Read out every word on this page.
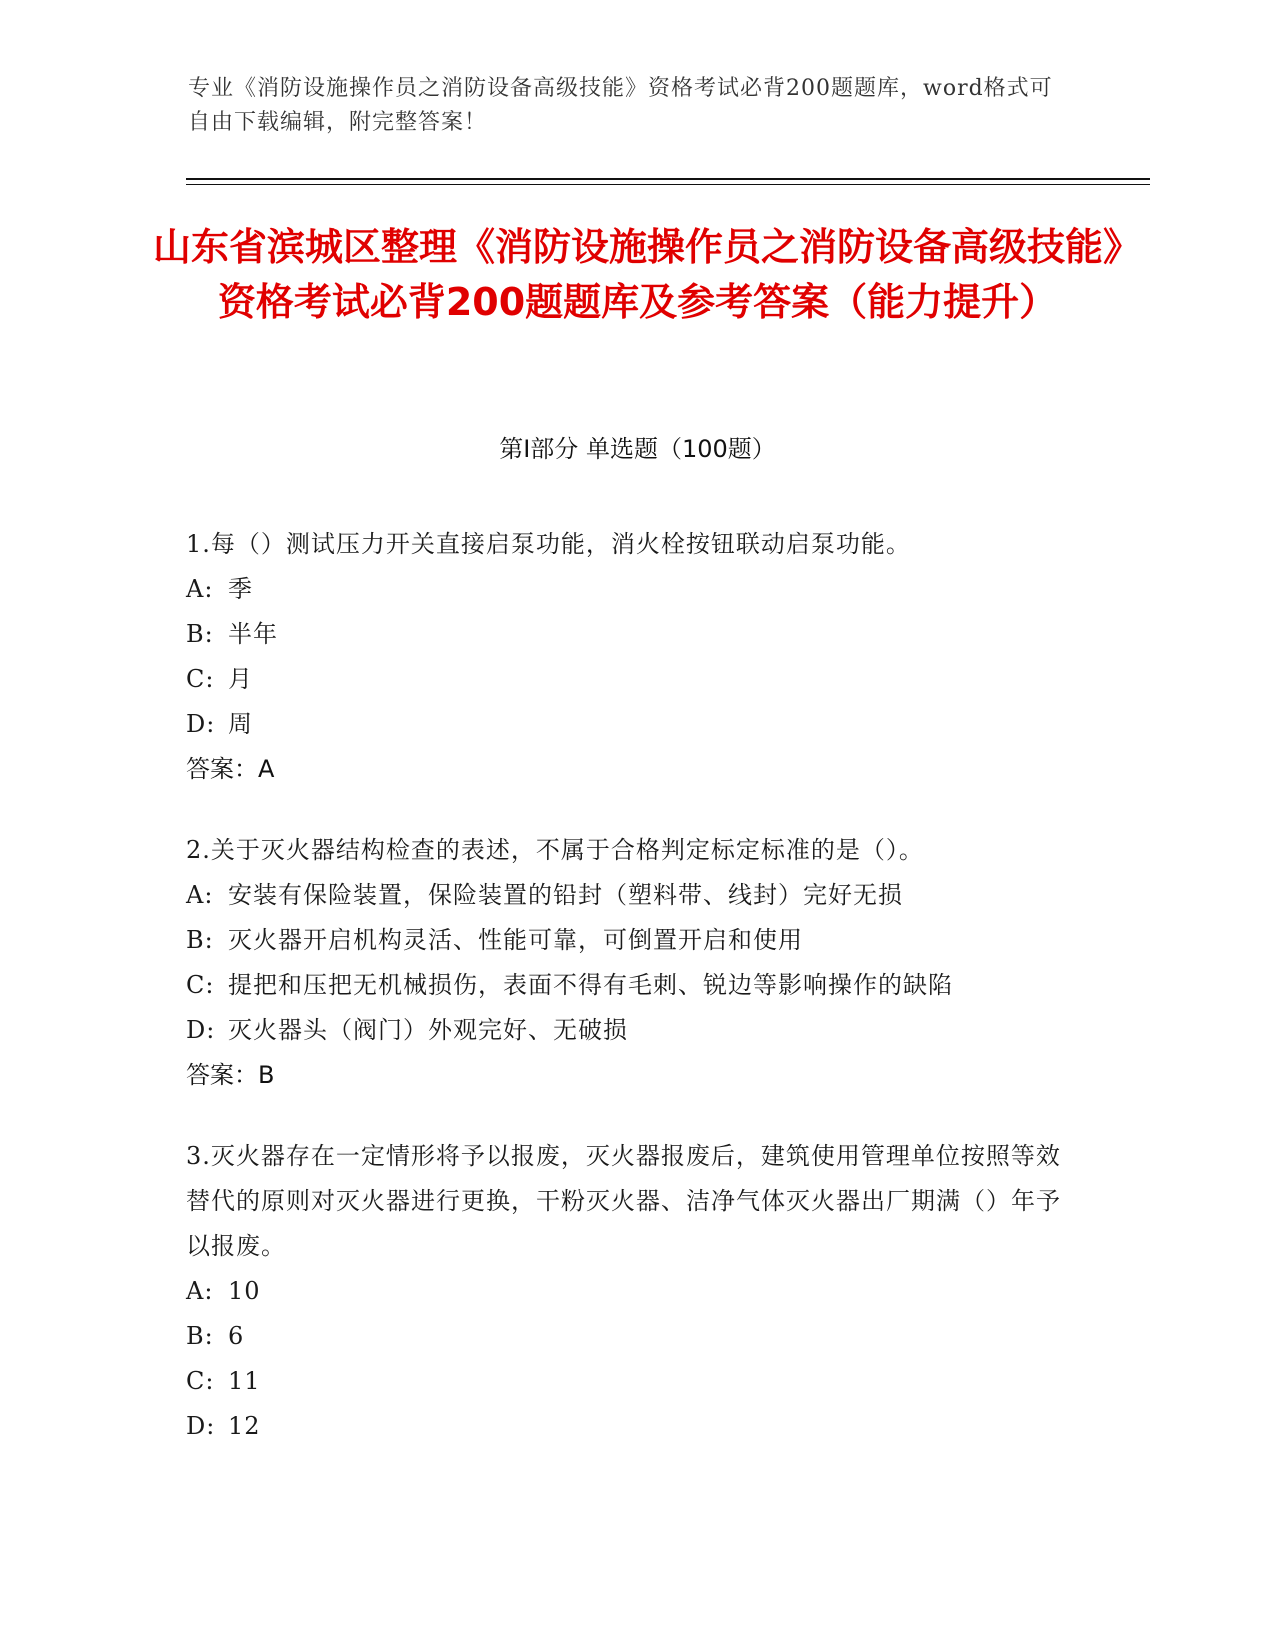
专业《消防设施操作员之消防设备高级技能》资格考试必背200题题库，word格式可自由下载编辑，附完整答案！
山东省滨城区整理《消防设施操作员之消防设备高级技能》资格考试必背200题题库及参考答案（能力提升）
第Ⅰ部分 单选题（100题）
1.每（）测试压力开关直接启泵功能，消火栓按钮联动启泵功能。
A: 季
B: 半年
C: 月
D: 周
答案：A
2.关于灭火器结构检查的表述，不属于合格判定标定标准的是（）。
A: 安装有保险装置，保险装置的铅封（塑料带、线封）完好无损
B: 灭火器开启机构灵活、性能可靠，可倒置开启和使用
C: 提把和压把无机械损伤，表面不得有毛刺、锐边等影响操作的缺陷
D: 灭火器头（阀门）外观完好、无破损
答案：B
3.灭火器存在一定情形将予以报废，灭火器报废后，建筑使用管理单位按照等效替代的原则对灭火器进行更换，干粉灭火器、洁净气体灭火器出厂期满（）年予以报废。
A: 10
B: 6
C: 11
D: 12
